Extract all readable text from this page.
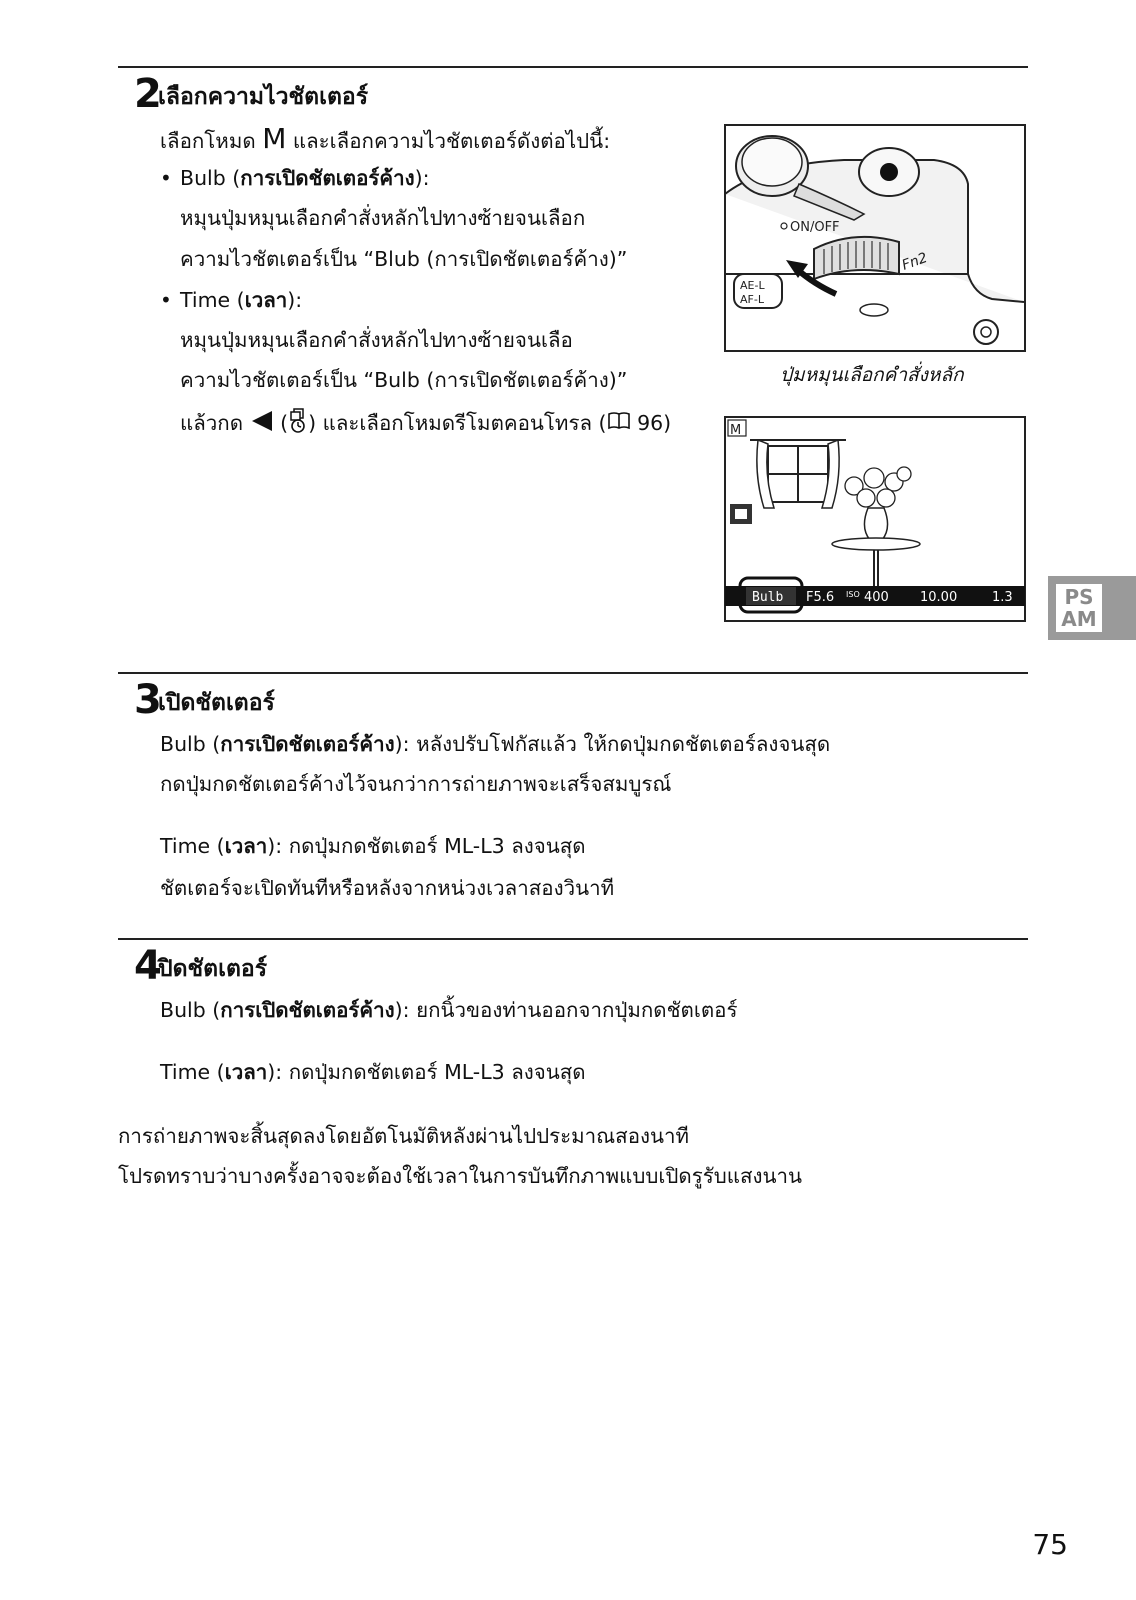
2
เลือกความไวชัตเตอร์
เลือกโหมด M และเลือกความไวชัตเตอร์ดังต่อไปนี้:
• Bulb (การเปิดชัตเตอร์ค้าง):
หมุนปุ่มหมุนเลือกคำสั่งหลักไปทางซ้ายจนเลือก
ความไวชัตเตอร์เป็น “Blub (การเปิดชัตเตอร์ค้าง)”
• Time (เวลา):
หมุนปุ่มหมุนเลือกคำสั่งหลักไปทางซ้ายจนเลือ
ความไวชัตเตอร์เป็น “Bulb (การเปิดชัตเตอร์ค้าง)”
แล้วกด ( ) และเลือกโหมดรีโมตคอนโทรล ( 96)
ON/OFF
AE-L
AF-L
Fn2
ปุ่มหมุนเลือกคำสั่งหลัก
M
Bulb F5.6 ISO 400 10.00	1.3	PS
AM
3
เปิดชัตเตอร์
Bulb (การเปิดชัตเตอร์ค้าง): หลังปรับโฟกัสแล้ว ให้กดปุ่มกดชัตเตอร์ลงจนสุด
กดปุ่มกดชัตเตอร์ค้างไว้จนกว่าการถ่ายภาพจะเสร็จสมบูรณ์
Time (เวลา): กดปุ่มกดชัตเตอร์ ML-L3 ลงจนสุด
ชัตเตอร์จะเปิดทันทีหรือหลังจากหน่วงเวลาสองวินาที
4
ปิดชัตเตอร์
Bulb (การเปิดชัตเตอร์ค้าง): ยกนิ้วของท่านออกจากปุ่มกดชัตเตอร์
Time (เวลา): กดปุ่มกดชัตเตอร์ ML-L3 ลงจนสุด
การถ่ายภาพจะสิ้นสุดลงโดยอัตโนมัติหลังผ่านไปประมาณสองนาที
โปรดทราบว่าบางครั้งอาจจะต้องใช้เวลาในการบันทึกภาพแบบเปิดรูรับแสงนาน
75
